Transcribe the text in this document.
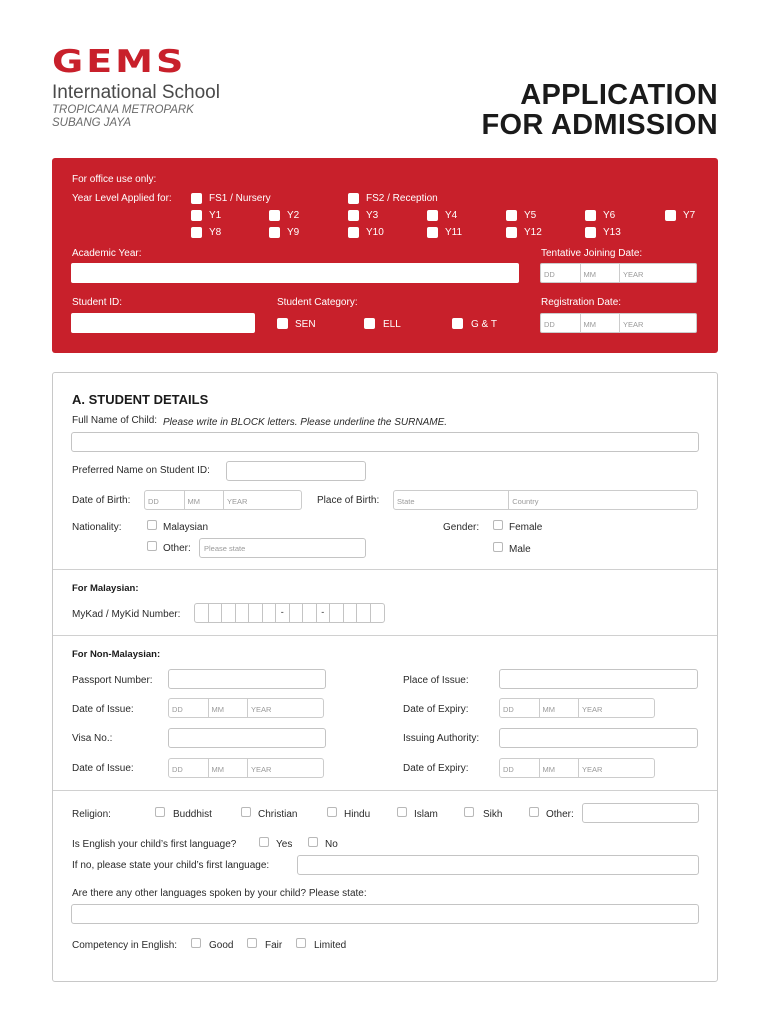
GEMS
International School
TROPICANA METROPARK
SUBANG JAYA
APPLICATION
FOR ADMISSION
For office use only:
Year Level Applied for:	FS1 / Nursery	FS2 / Reception
Y1	Y2	Y3	Y4	Y5	Y6	Y7
Y8	Y9	Y10	Y11	Y12	Y13
Academic Year:	Tentative Joining Date:
DD	MM	YEAR
Student ID:	Student Category:	Registration Date:
SEN	ELL	G & T	DD	MM	YEAR
A. STUDENT DETAILS
Full Name of Child: Please write in BLOCK letters. Please underline the SURNAME.
Preferred Name on Student ID:
Date of Birth:	DD	MM	YEAR	Place of Birth:	State	Country
Nationality:	Malaysian
Other:	Please state
Gender:	Female
Male
For Malaysian:
MyKad / MyKid Number:	-	-
For Non-Malaysian:
Passport Number:	Place of Issue:
Date of Issue:	DD	MM	YEAR	Date of Expiry:	DD	MM	YEAR
Visa No.:	Issuing Authority:
Date of Issue:	DD	MM	YEAR	Date of Expiry:	DD	MM	YEAR
Religion:	Buddhist	Christian	Hindu	Islam	Sikh	Other:
Is English your child’s first language?	Yes	No
If no, please state your child’s first language:
Are there any other languages spoken by your child? Please state:
Competency in English:	Good	Fair	Limited
